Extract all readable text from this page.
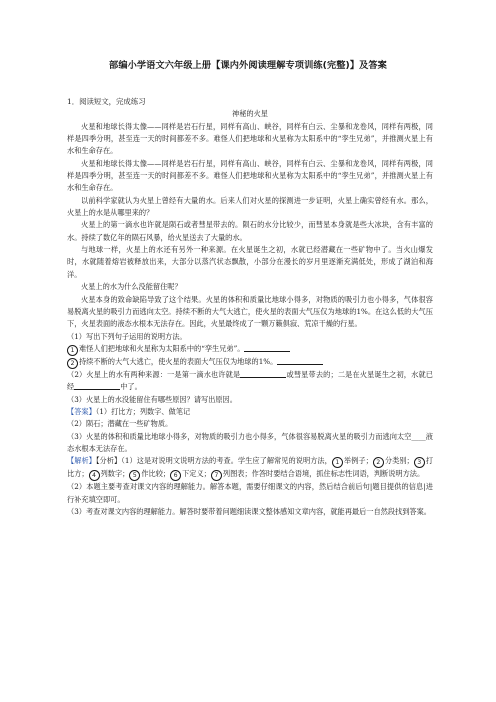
部编小学语文六年级上册【课内外阅读理解专项训练(完整)】及答案

1．阅读短文，完成练习

神秘的火星

火星和地球长得太像——同样是岩石行星，同样有高山、峡谷，同样有白云、尘暴和龙卷风，同样有两极，同样是四季分明，甚至连一天的时间都差不多。难怪人们把地球和火星称为太阳系中的“孪生兄弟”，并推测火星上有水和生命存在。

火星和地球长得太像——同样是岩石行星，同样有高山、峡谷，同样有白云、尘暴和龙卷风，同样有两极，同样是四季分明，甚至连一天的时间都差不多。难怪人们把地球和火星称为太阳系中的“孪生兄弟”，并推测火星上有水和生命存在。

以前科学家就认为火星上曾经有大量的水。后来人们对火星的探测进一步证明，火星上确实曾经有水。那么，火星上的水是从哪里来的？

火星上的第一滴水也许就是陨石或者彗星带去的。陨石的水分比较少，而彗星本身就是些大冰块，含有丰富的水。持续了数亿年的陨石风暴，给火星送去了大量的水。

与地球一样，火星上的水还有另外一种来源。在火星诞生之初，水就已经潜藏在一些矿物中了。当火山爆发时，水就随着熔岩被释放出来，大部分以蒸汽状态飘散，小部分在漫长的岁月里逐渐充满低处，形成了湖泊和海洋。

火星上的水为什么没能留住呢？

火星本身的致命缺陷导致了这个结果。火星的体积和质量比地球小得多，对物质的吸引力也小得多，气体很容易脱离火星的吸引力而逃向太空。持续不断的大气大逃亡，使火星的表面大气压仅为地球的1%。在这么低的大气压下，火星表面的液态水根本无法存在。因此，火星最终成了一颗万籁俱寂、荒凉干燥的行星。

（1）写出下列句子运用的说明方法。

1 难怪人们把地球和火星称为太阳系中的“孪生兄弟”。

2 持续不断的大气大逃亡，使火星的表面大气压仅为地球的1%。

（2）火星上的水有两种来源：一是第一滴水也许就是	或彗星带去的；二是在火星诞生之初，水就已经	中了。

（3）火星上的水没能留住有哪些原因？请写出原因。

【答案】（1）打比方；列数字、做笔记

（2）陨石；潜藏在一些矿物质。

（3）火星的体积和质量比地球小得多，对物质的吸引力也小得多，气体很容易脱离火星的吸引力而逃向太空____液态水根本无法存在。

【解析】【分析】（1）这是对说明文说明方法的考查。学生应了解常见的说明方法， 1 举例子； 2 分类别； 3 打比方； 4 列数字； 5 作比较； 6 下定义； 7 列图表；作答时要结合语境，抓住标志性词语，判断说明方法。

（2）本题主要考查对课文内容的理解能力。解答本题，需要仔细课文的内容，然后结合前后句|题目提供的信息|进行补充填空即可。

（3）考查对课文内容的理解能力。解答时要带着问题细读课文整体感知文章内容，就能再最后一自然段找到答案。
